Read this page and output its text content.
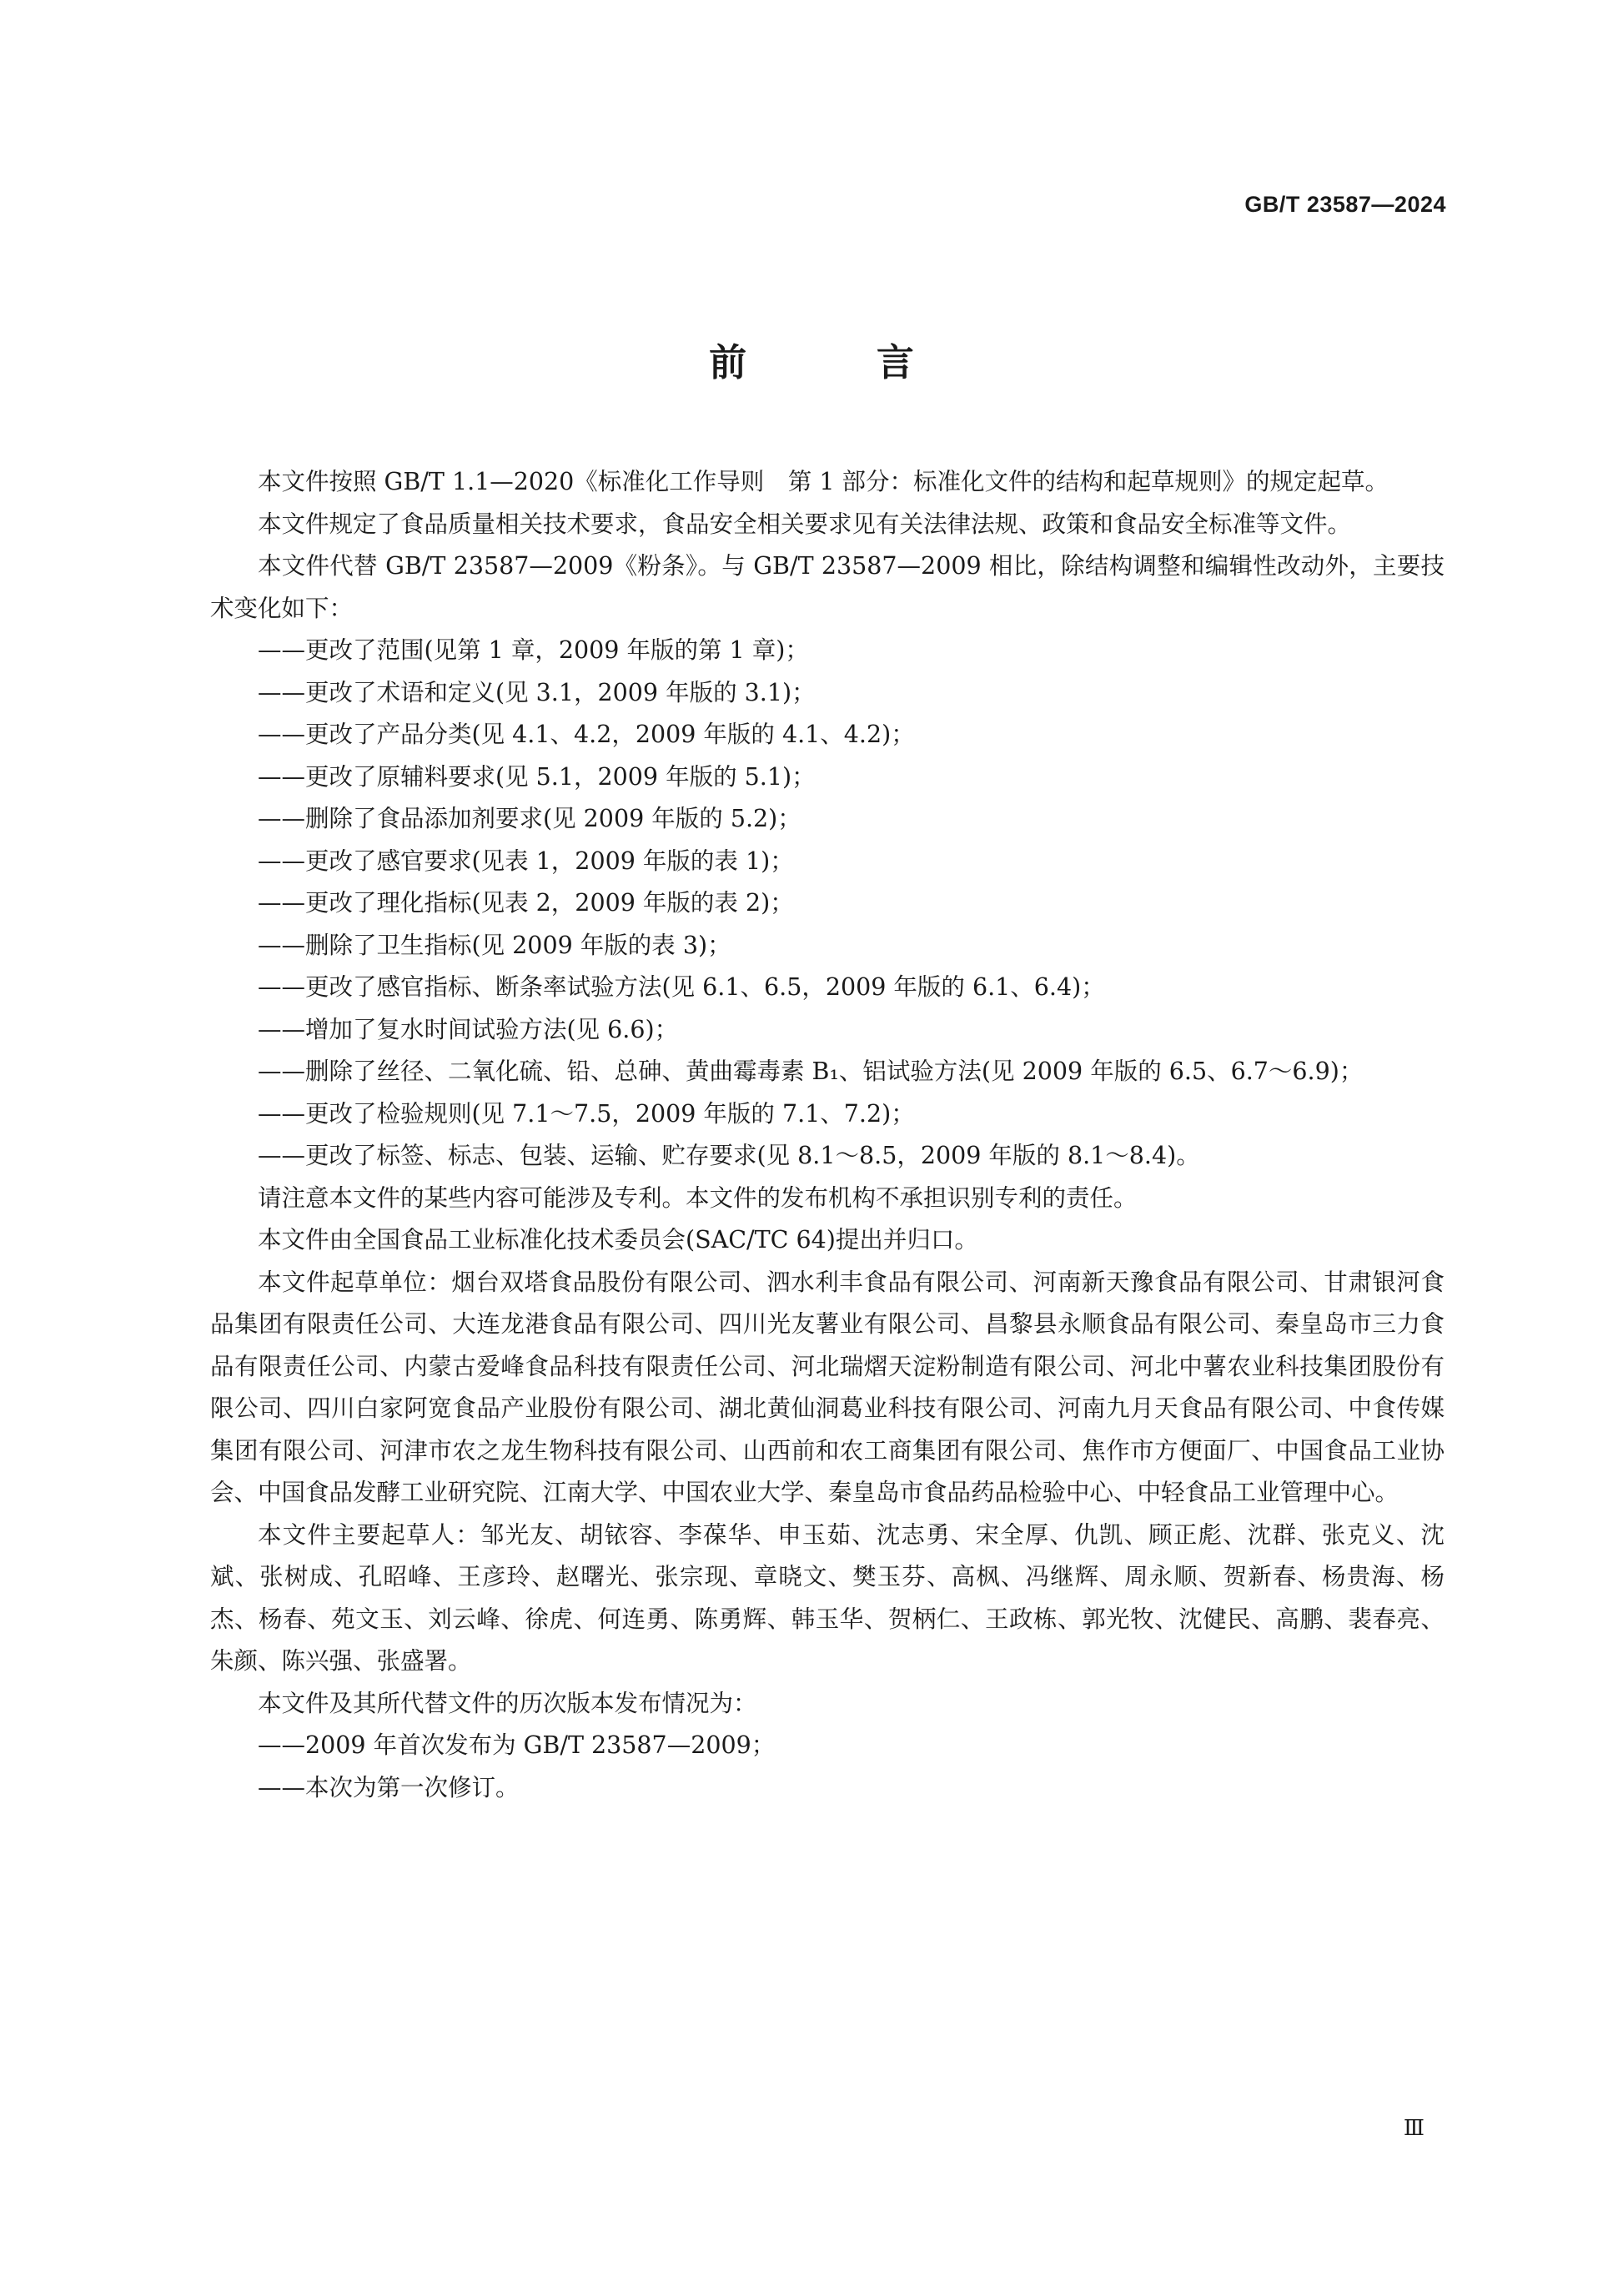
GB/T 23587—2024
前 言

本文件按照 GB/T 1.1—2020《标准化工作导则　第 1 部分：标准化文件的结构和起草规则》的规定起草。

本文件规定了食品质量相关技术要求，食品安全相关要求见有关法律法规、政策和食品安全标准等文件。

本文件代替 GB/T 23587—2009《粉条》。与 GB/T 23587—2009 相比，除结构调整和编辑性改动外，主要技术变化如下：

——更改了范围(见第 1 章，2009 年版的第 1 章)；

——更改了术语和定义(见 3.1，2009 年版的 3.1)；

——更改了产品分类(见 4.1、4.2，2009 年版的 4.1、4.2)；

——更改了原辅料要求(见 5.1，2009 年版的 5.1)；

——删除了食品添加剂要求(见 2009 年版的 5.2)；

——更改了感官要求(见表 1，2009 年版的表 1)；

——更改了理化指标(见表 2，2009 年版的表 2)；

——删除了卫生指标(见 2009 年版的表 3)；

——更改了感官指标、断条率试验方法(见 6.1、6.5，2009 年版的 6.1、6.4)；

——增加了复水时间试验方法(见 6.6)；

——删除了丝径、二氧化硫、铅、总砷、黄曲霉毒素 B₁、铝试验方法(见 2009 年版的 6.5、6.7～6.9)；

——更改了检验规则(见 7.1～7.5，2009 年版的 7.1、7.2)；

——更改了标签、标志、包装、运输、贮存要求(见 8.1～8.5，2009 年版的 8.1～8.4)。

请注意本文件的某些内容可能涉及专利。本文件的发布机构不承担识别专利的责任。

本文件由全国食品工业标准化技术委员会(SAC/TC 64)提出并归口。

本文件起草单位：烟台双塔食品股份有限公司、泗水利丰食品有限公司、河南新天豫食品有限公司、甘肃银河食品集团有限责任公司、大连龙港食品有限公司、四川光友薯业有限公司、昌黎县永顺食品有限公司、秦皇岛市三力食品有限责任公司、内蒙古爱峰食品科技有限责任公司、河北瑞熠天淀粉制造有限公司、河北中薯农业科技集团股份有限公司、四川白家阿宽食品产业股份有限公司、湖北黄仙洞葛业科技有限公司、河南九月天食品有限公司、中食传媒集团有限公司、河津市农之龙生物科技有限公司、山西前和农工商集团有限公司、焦作市方便面厂、中国食品工业协会、中国食品发酵工业研究院、江南大学、中国农业大学、秦皇岛市食品药品检验中心、中轻食品工业管理中心。

本文件主要起草人：邹光友、胡铱容、李葆华、申玉茹、沈志勇、宋全厚、仇凯、顾正彪、沈群、张克义、沈斌、张树成、孔昭峰、王彦玲、赵曙光、张宗现、章晓文、樊玉芬、高枫、冯继辉、周永顺、贺新春、杨贵海、杨杰、杨春、苑文玉、刘云峰、徐虎、何连勇、陈勇辉、韩玉华、贺柄仁、王政栋、郭光牧、沈健民、高鹏、裴春亮、朱颜、陈兴强、张盛署。

本文件及其所代替文件的历次版本发布情况为：

——2009 年首次发布为 GB/T 23587—2009；

——本次为第一次修订。

Ⅲ
